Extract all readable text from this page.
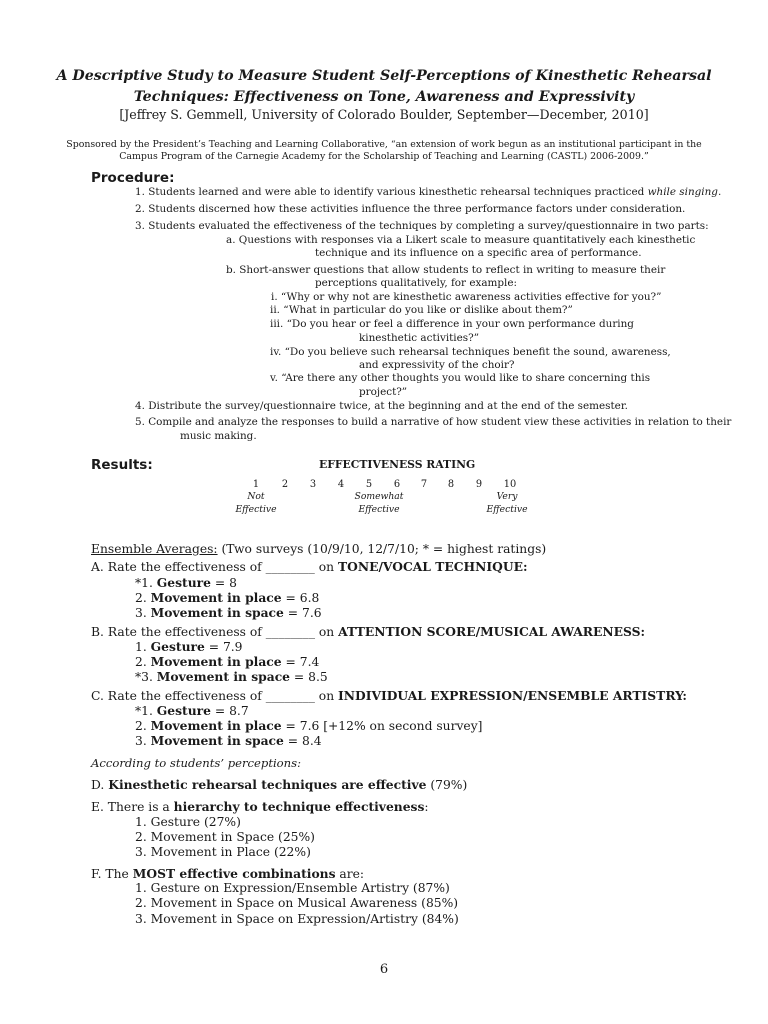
A Descriptive Study to Measure Student Self-Perceptions of Kinesthetic Rehearsal
Techniques: Effectiveness on Tone, Awareness and Expressivity
[Jeffrey S. Gemmell, University of Colorado Boulder, September—December, 2010]
Sponsored by the President’s Teaching and Learning Collaborative, “an extension of work begun as an institutional participant in the
Campus Program of the Carnegie Academy for the Scholarship of Teaching and Learning (CASTL) 2006-2009.”
Procedure:
1. Students learned and were able to identify various kinesthetic rehearsal techniques practiced while singing.
2. Students discerned how these activities influence the three performance factors under consideration.
3. Students evaluated the effectiveness of the techniques by completing a survey/questionnaire in two parts:
a. Questions with responses via a Likert scale to measure quantitatively each kinesthetic
technique and its influence on a specific area of performance.
b. Short-answer questions that allow students to reflect in writing to measure their
perceptions qualitatively, for example:
i. “Why or why not are kinesthetic awareness activities effective for you?”
ii. “What in particular do you like or dislike about them?”
iii. “Do you hear or feel a difference in your own performance during
kinesthetic activities?”
iv. “Do you believe such rehearsal techniques benefit the sound, awareness,
and expressivity of the choir?
v. “Are there any other thoughts you would like to share concerning this
project?”
4. Distribute the survey/questionnaire twice, at the beginning and at the end of the semester.
5. Compile and analyze the responses to build a narrative of how student view these activities in relation to their
music making.
Results:	EFFECTIVENESS RATING
1	2	3	4	5	6	7	8	9	10
Not
Effective
Somewhat
Effective
Very
Effective
Ensemble Averages: (Two surveys (10/9/10, 12/7/10; * = highest ratings)
A. Rate the effectiveness of ________ on TONE/VOCAL TECHNIQUE:
*1. Gesture = 8
2. Movement in place = 6.8
3. Movement in space = 7.6
B. Rate the effectiveness of ________ on ATTENTION SCORE/MUSICAL AWARENESS:
1. Gesture = 7.9
2. Movement in place = 7.4
*3. Movement in space = 8.5
C. Rate the effectiveness of ________ on INDIVIDUAL EXPRESSION/ENSEMBLE ARTISTRY:
*1. Gesture = 8.7
2. Movement in place = 7.6 [+12% on second survey]
3. Movement in space = 8.4
According to students’ perceptions:
D. Kinesthetic rehearsal techniques are effective (79%)
E. There is a hierarchy to technique effectiveness:
1. Gesture (27%)
2. Movement in Space (25%)
3. Movement in Place (22%)
F. The MOST effective combinations are:
1. Gesture on Expression/Ensemble Artistry (87%)
2. Movement in Space on Musical Awareness (85%)
3. Movement in Space on Expression/Artistry (84%)
6
